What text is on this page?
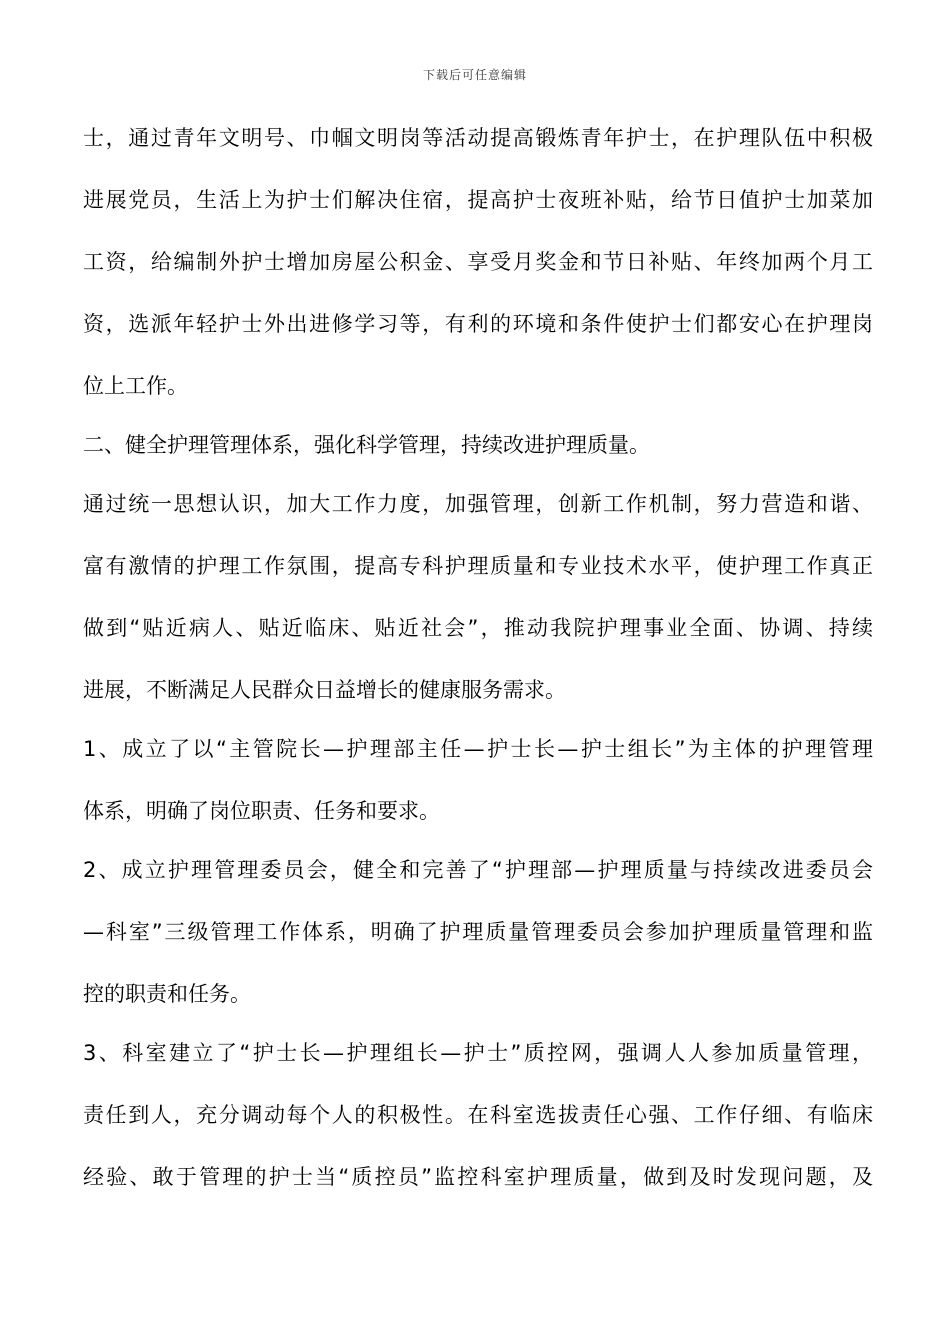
下载后可任意编辑
士，通过青年文明号、巾帼文明岗等活动提高锻炼青年护士，在护理队伍中积极
进展党员，生活上为护士们解决住宿，提高护士夜班补贴，给节日值护士加菜加
工资，给编制外护士增加房屋公积金、享受月奖金和节日补贴、年终加两个月工
资，选派年轻护士外出进修学习等，有利的环境和条件使护士们都安心在护理岗
位上工作。
二、健全护理管理体系，强化科学管理，持续改进护理质量。
通过统一思想认识，加大工作力度，加强管理，创新工作机制，努力营造和谐、
富有激情的护理工作氛围，提高专科护理质量和专业技术水平，使护理工作真正
做到“贴近病人、贴近临床、贴近社会”，推动我院护理事业全面、协调、持续
进展，不断满足人民群众日益增长的健康服务需求。
1、成立了以“主管院长—护理部主任—护士长—护士组长”为主体的护理管理
体系，明确了岗位职责、任务和要求。
2、成立护理管理委员会，健全和完善了“护理部—护理质量与持续改进委员会
—科室”三级管理工作体系，明确了护理质量管理委员会参加护理质量管理和监
控的职责和任务。
3、科室建立了“护士长—护理组长—护士”质控网，强调人人参加质量管理，
责任到人，充分调动每个人的积极性。在科室选拔责任心强、工作仔细、有临床
经验、敢于管理的护士当“质控员”监控科室护理质量，做到及时发现问题，及
